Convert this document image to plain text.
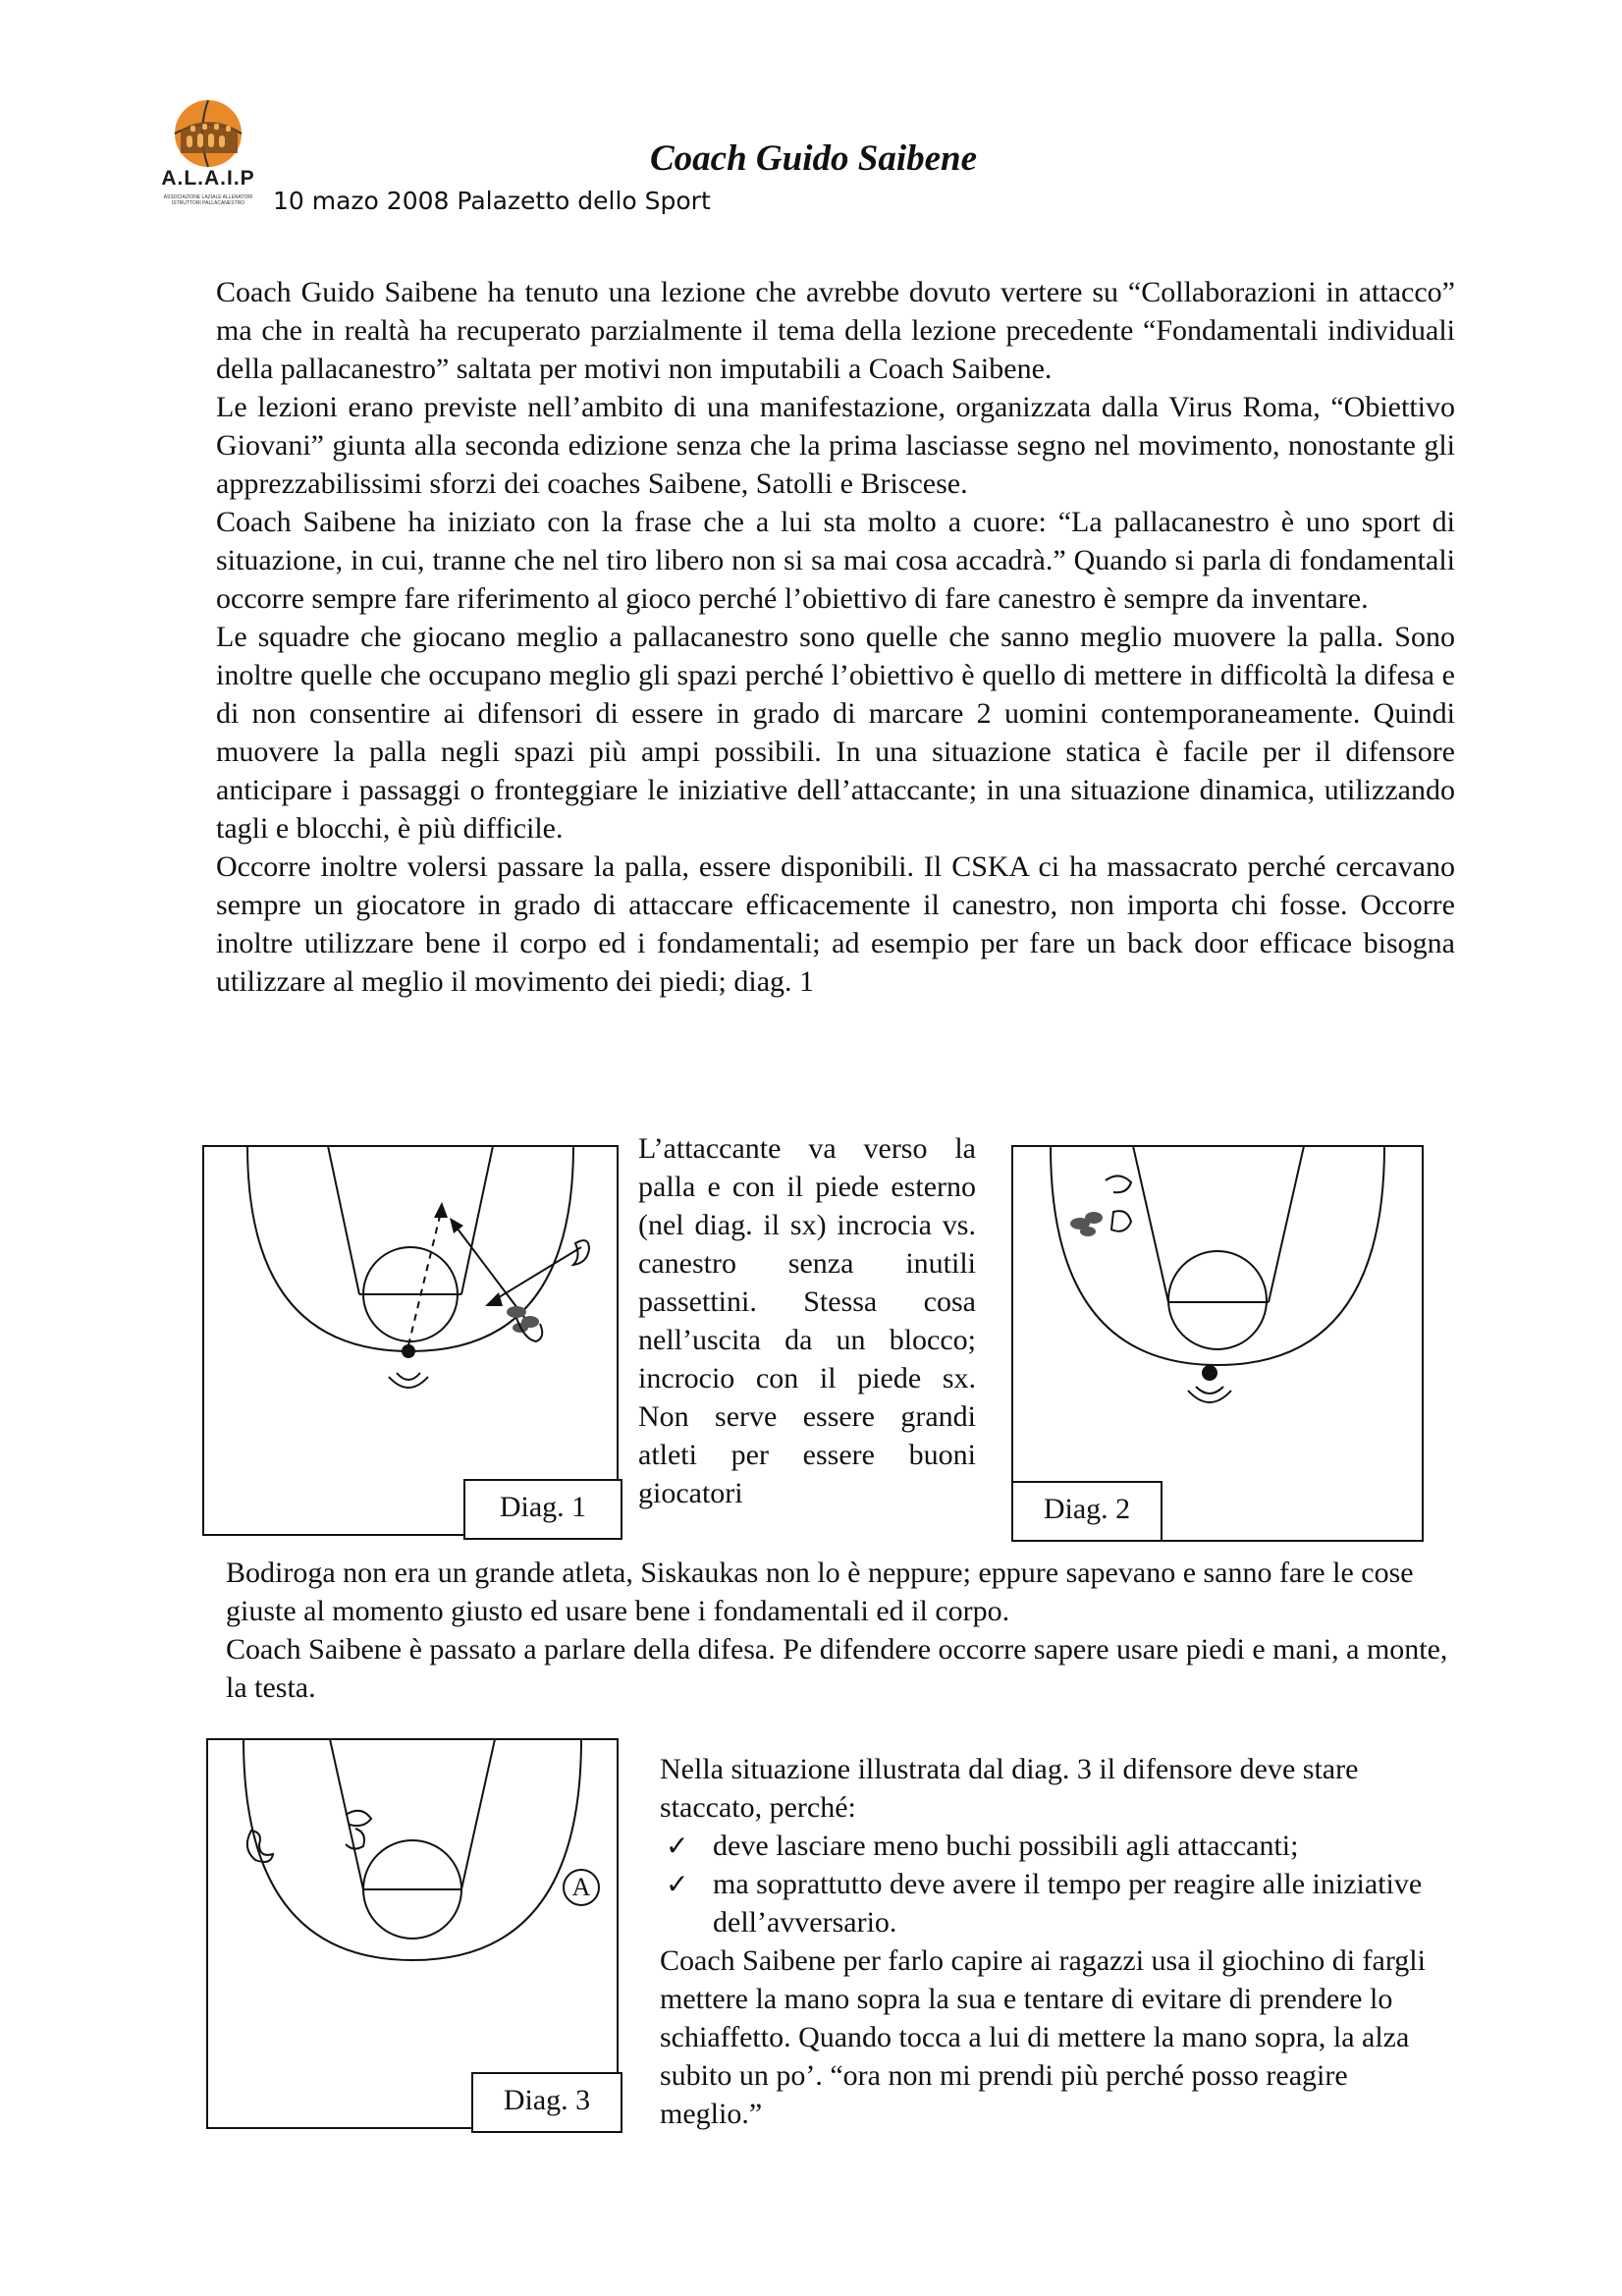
A.L.A.I.P
ASSOCIAZIONE LAZIALE ALLENATORI ISTRUTTORI PALLACANESTRO
Coach Guido Saibene
10 mazo 2008 Palazetto dello Sport

Coach Guido Saibene ha tenuto una lezione che avrebbe dovuto vertere su “Collaborazioni in attacco” ma che in realtà ha recuperato parzialmente il tema della lezione precedente “Fondamentali individuali della pallacanestro” saltata per motivi non imputabili a Coach Saibene.

Le lezioni erano previste nell’ambito di una manifestazione, organizzata dalla Virus Roma, “Obiettivo Giovani” giunta alla seconda edizione senza che la prima lasciasse segno nel movimento, nonostante gli apprezzabilissimi sforzi dei coaches Saibene, Satolli e Briscese.

Coach Saibene ha iniziato con la frase che a lui sta molto a cuore: “La pallacanestro è uno sport di situazione, in cui, tranne che nel tiro libero non si sa mai cosa accadrà.” Quando si parla di fondamentali occorre sempre fare riferimento al gioco perché l’obiettivo di fare canestro è sempre da inventare.

Le squadre che giocano meglio a pallacanestro sono quelle che sanno meglio muovere la palla. Sono inoltre quelle che occupano meglio gli spazi perché l’obiettivo è quello di mettere in difficoltà la difesa e di non consentire ai difensori di essere in grado di marcare 2 uomini contemporaneamente. Quindi muovere la palla negli spazi più ampi possibili. In una situazione statica è facile per il difensore anticipare i passaggi o fronteggiare le iniziative dell’attaccante; in una situazione dinamica, utilizzando tagli e blocchi, è più difficile.

Occorre inoltre volersi passare la palla, essere disponibili. Il CSKA ci ha massacrato perché cercavano sempre un giocatore in grado di attaccare efficacemente il canestro, non importa chi fosse. Occorre inoltre utilizzare bene il corpo ed i fondamentali; ad esempio per fare un back door efficace bisogna utilizzare al meglio il movimento dei piedi; diag. 1

Diag. 1
L’attaccante va verso la palla e con il piede esterno (nel diag. il sx) incrocia vs. canestro senza inutili passettini. Stessa cosa nell’uscita da un blocco; incrocio con il piede sx. Non serve essere grandi atleti per essere buoni giocatori	Diag. 2

Bodiroga non era un grande atleta, Siskaukas non lo è neppure; eppure sapevano e sanno fare le cose giuste al momento giusto ed usare bene i fondamentali ed il corpo.

Coach Saibene è passato a parlare della difesa. Pe difendere occorre sapere usare piedi e mani, a monte, la testa.

A
Diag. 3

Nella situazione illustrata dal diag. 3 il difensore deve stare staccato, perché:

✓ deve lasciare meno buchi possibili agli attaccanti;

✓ ma soprattutto deve avere il tempo per reagire alle iniziative dell’avversario.

Coach Saibene per farlo capire ai ragazzi usa il giochino di fargli mettere la mano sopra la sua e tentare di evitare di prendere lo schiaffetto. Quando tocca a lui di mettere la mano sopra, la alza subito un po’. “ora non mi prendi più perché posso reagire meglio.”
